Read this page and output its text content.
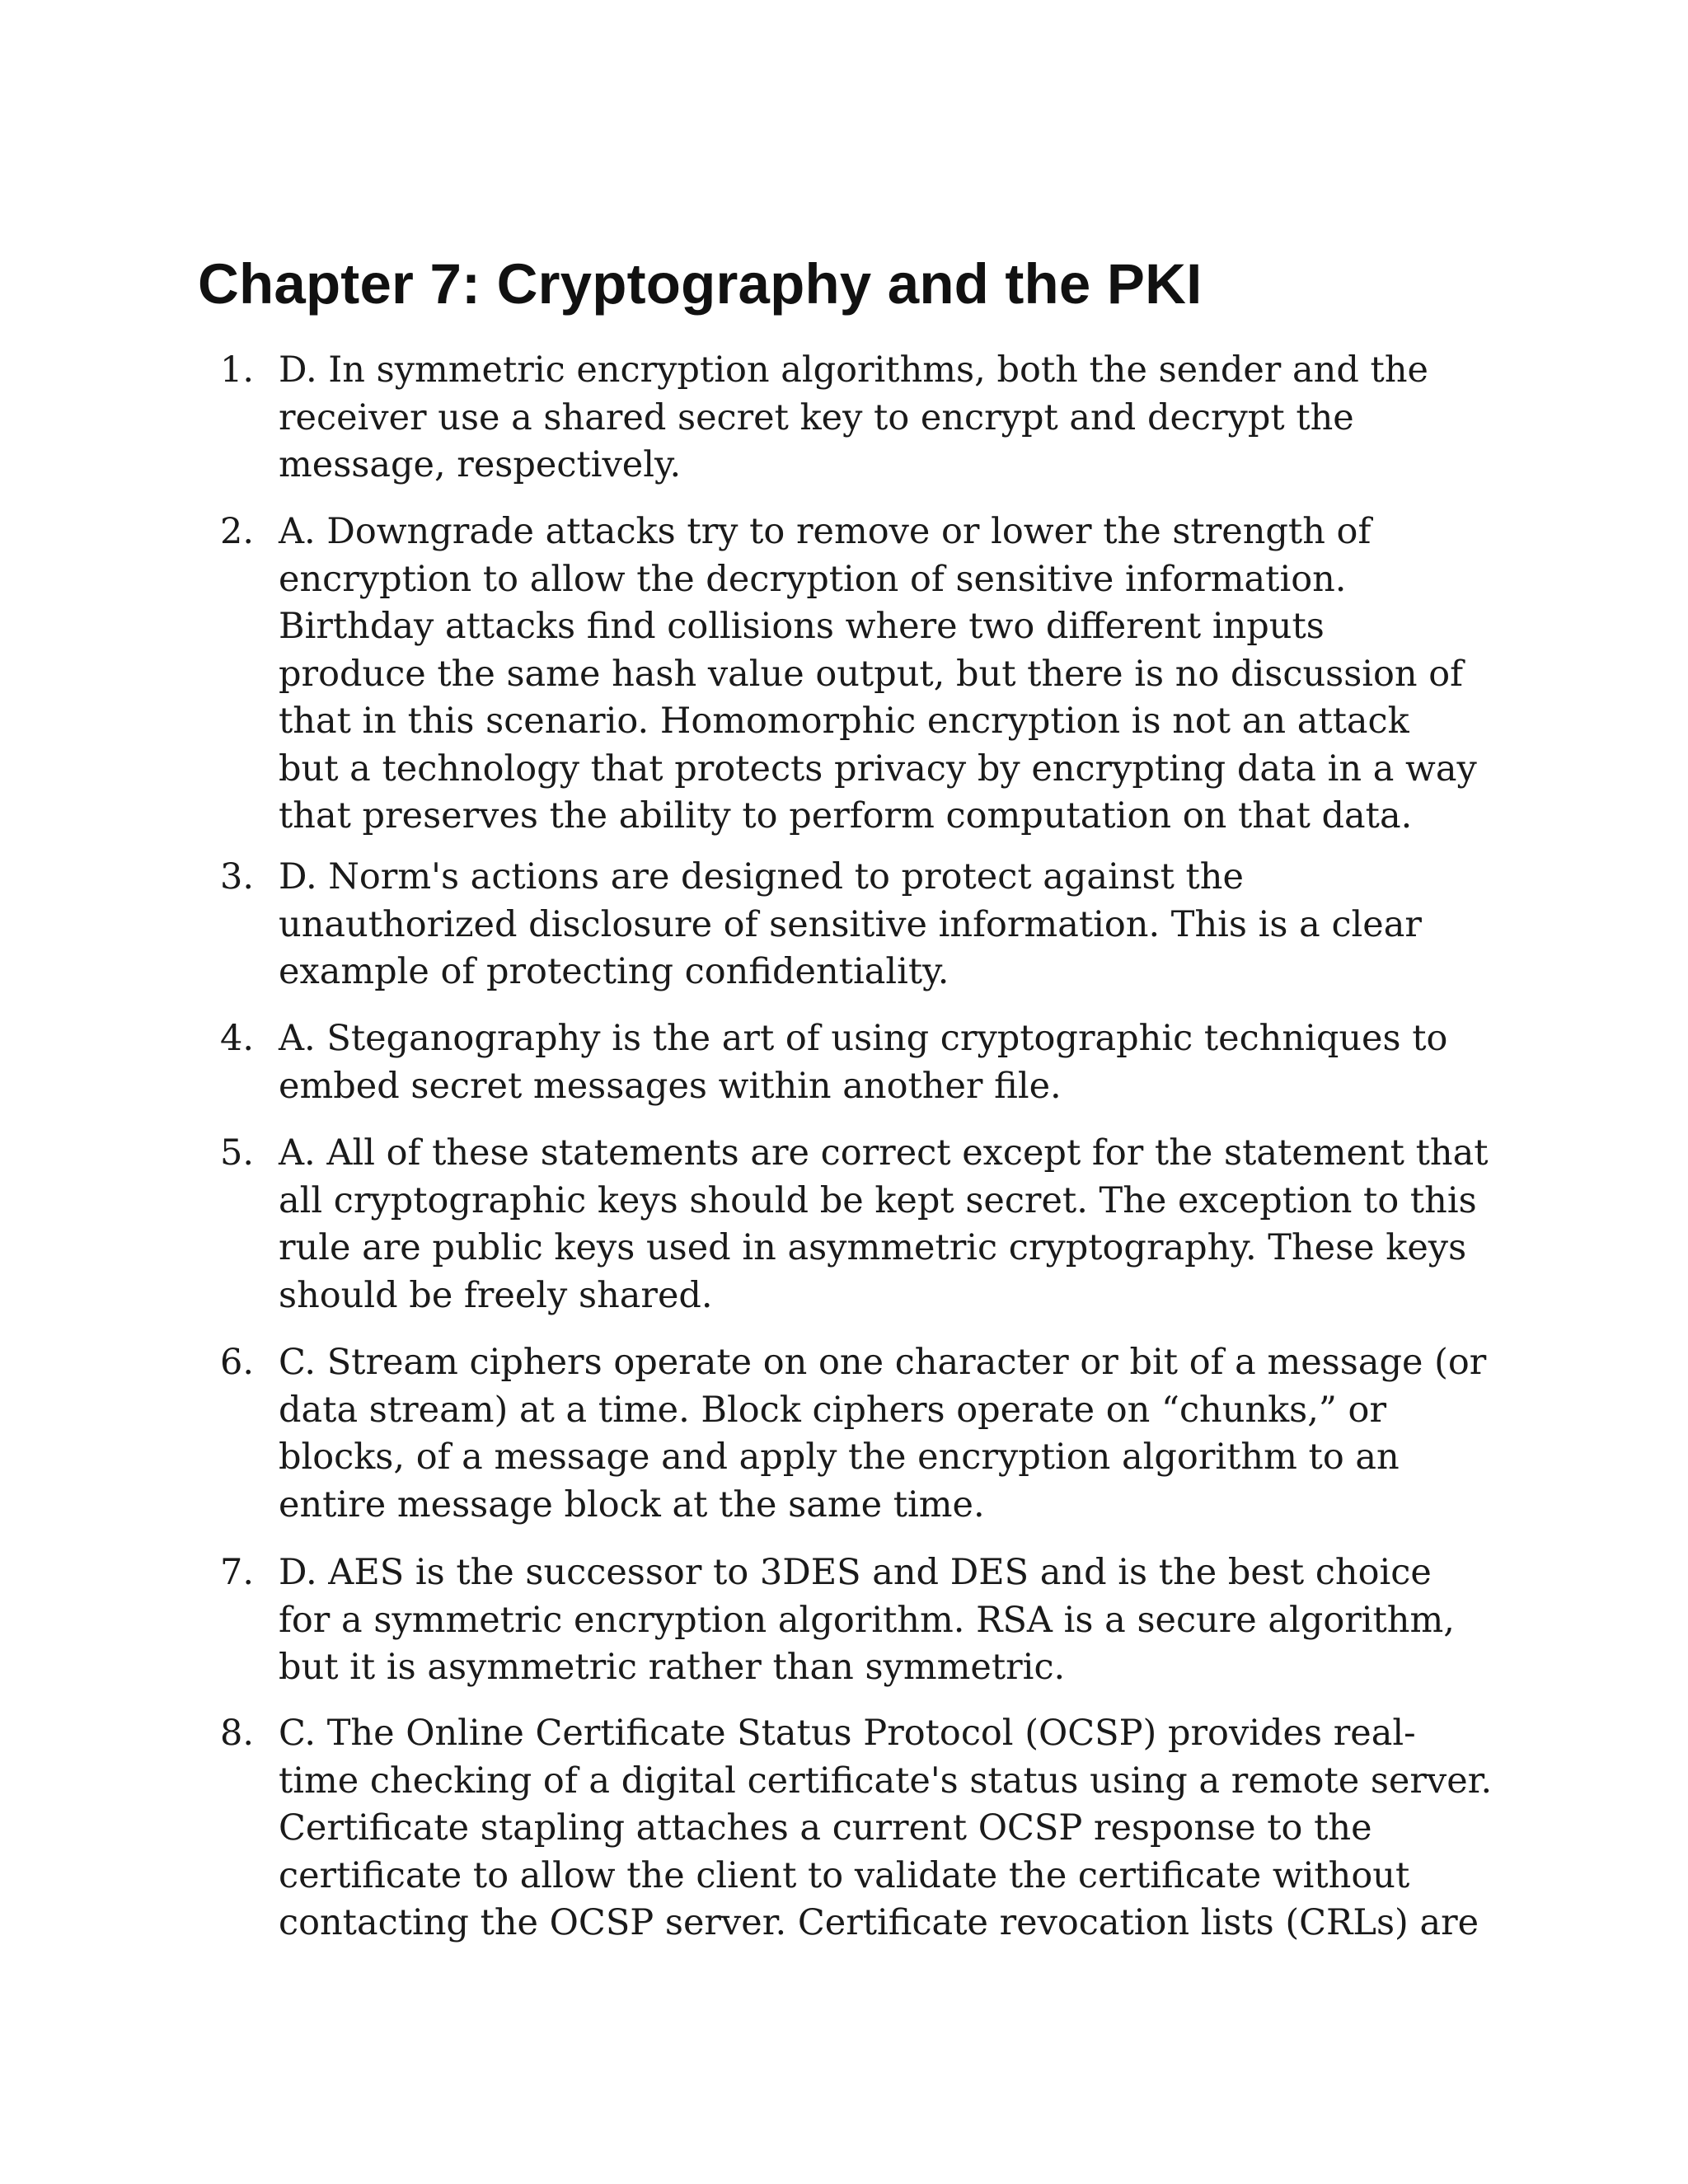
Chapter 7: Cryptography and the PKI
1. D. In symmetric encryption algorithms, both the sender and the
receiver use a shared secret key to encrypt and decrypt the
message, respectively.
2. A. Downgrade attacks try to remove or lower the strength of
encryption to allow the decryption of sensitive information.
Birthday attacks find collisions where two different inputs
produce the same hash value output, but there is no discussion of
that in this scenario. Homomorphic encryption is not an attack
but a technology that protects privacy by encrypting data in a way
that preserves the ability to perform computation on that data.
3. D. Norm's actions are designed to protect against the
unauthorized disclosure of sensitive information. This is a clear
example of protecting confidentiality.
4. A. Steganography is the art of using cryptographic techniques to
embed secret messages within another file.
5. A. All of these statements are correct except for the statement that
all cryptographic keys should be kept secret. The exception to this
rule are public keys used in asymmetric cryptography. These keys
should be freely shared.
6. C. Stream ciphers operate on one character or bit of a message (or
data stream) at a time. Block ciphers operate on “chunks,” or
blocks, of a message and apply the encryption algorithm to an
entire message block at the same time.
7. D. AES is the successor to 3DES and DES and is the best choice
for a symmetric encryption algorithm. RSA is a secure algorithm,
but it is asymmetric rather than symmetric.
8. C. The Online Certificate Status Protocol (OCSP) provides real-
time checking of a digital certificate's status using a remote server.
Certificate stapling attaches a current OCSP response to the
certificate to allow the client to validate the certificate without
contacting the OCSP server. Certificate revocation lists (CRLs) are
